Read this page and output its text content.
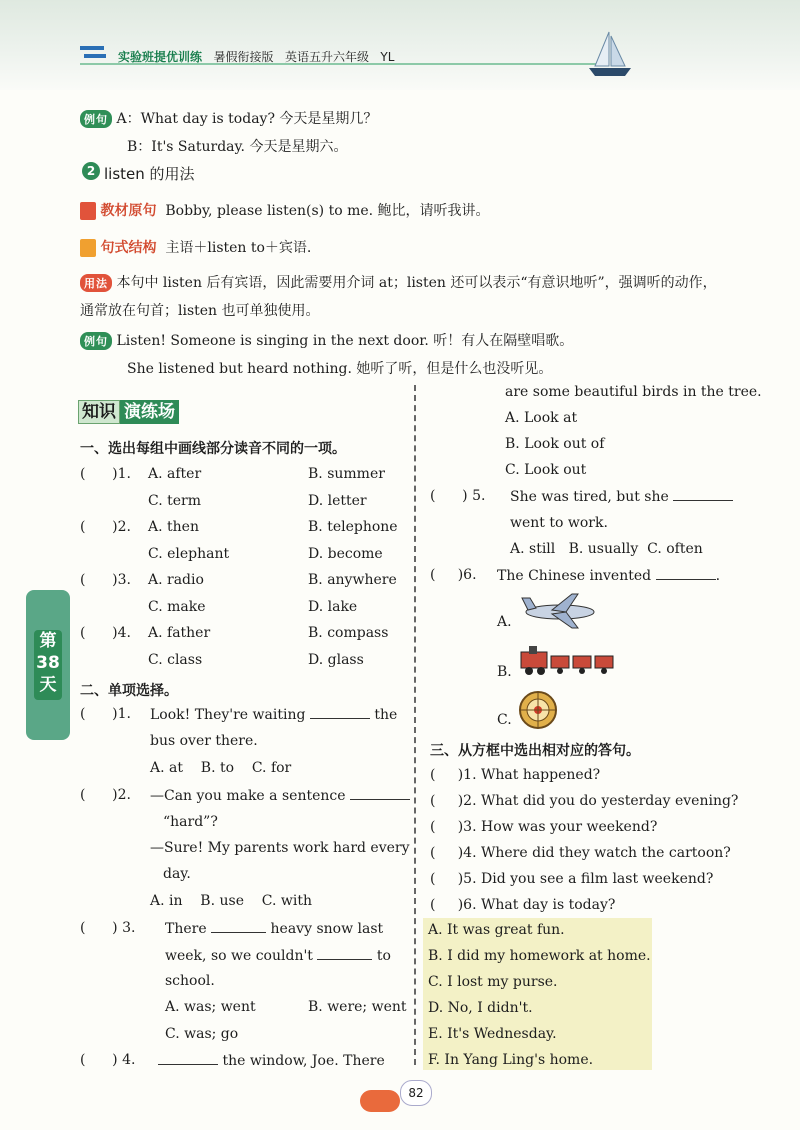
实验班提优训练 暑假衔接版 英语五升六年级 YL
例句 A：What day is today? 今天是星期几？
B：It's Saturday. 今天是星期六。
2 listen 的用法
教材原句 Bobby, please listen(s) to me. 鲍比，请听我讲。
句式结构 主语＋listen to＋宾语.
用法 本句中 listen 后有宾语，因此需要用介词 at；listen 还可以表示“有意识地听”，强调听的动作，
通常放在句首；listen 也可单独使用。
例句 Listen! Someone is singing in the next door. 听！有人在隔壁唱歌。
She listened but heard nothing. 她听了听，但是什么也没听见。
知识 演练场
一、选出每组中画线部分读音不同的一项。
(      )1. A. after	B. summer
C. term	D. letter
(      )2. A. then	B. telephone
C. elephant	D. become
(      )3. A. radio	B. anywhere
C. make	D. lake
(      )4. A. father	B. compass
C. class	D. glass
第38天	二、单项选择。
(      )1. Look! They're waiting	the
bus over there.
A. at    B. to    C. for
(      )2. —Can you make a sentence
“hard”?
—Sure! My parents work hard every
day.
A. in    B. use    C. with
(      ) 3. There	heavy snow last
week, so we couldn't	to
school.
A. was; went	B. were; went
C. was; go
(      ) 4.	the window, Joe. There
are some beautiful birds in the tree.
A. Look at
B. Look out of
C. Look out
(      ) 5. She was tired, but she
went to work.
A. still   B. usually  C. often
(     )6. The Chinese invented	.
A.
B.
C.
三、从方框中选出相对应的答句。
(     )1. What happened?
(     )2. What did you do yesterday evening?
(     )3. How was your weekend?
(     )4. Where did they watch the cartoon?
(     )5. Did you see a film last weekend?
(     )6. What day is today?
A. It was great fun.
B. I did my homework at home.
C. I lost my purse.
D. No, I didn't.
E. It's Wednesday.
F. In Yang Ling's home.
82
